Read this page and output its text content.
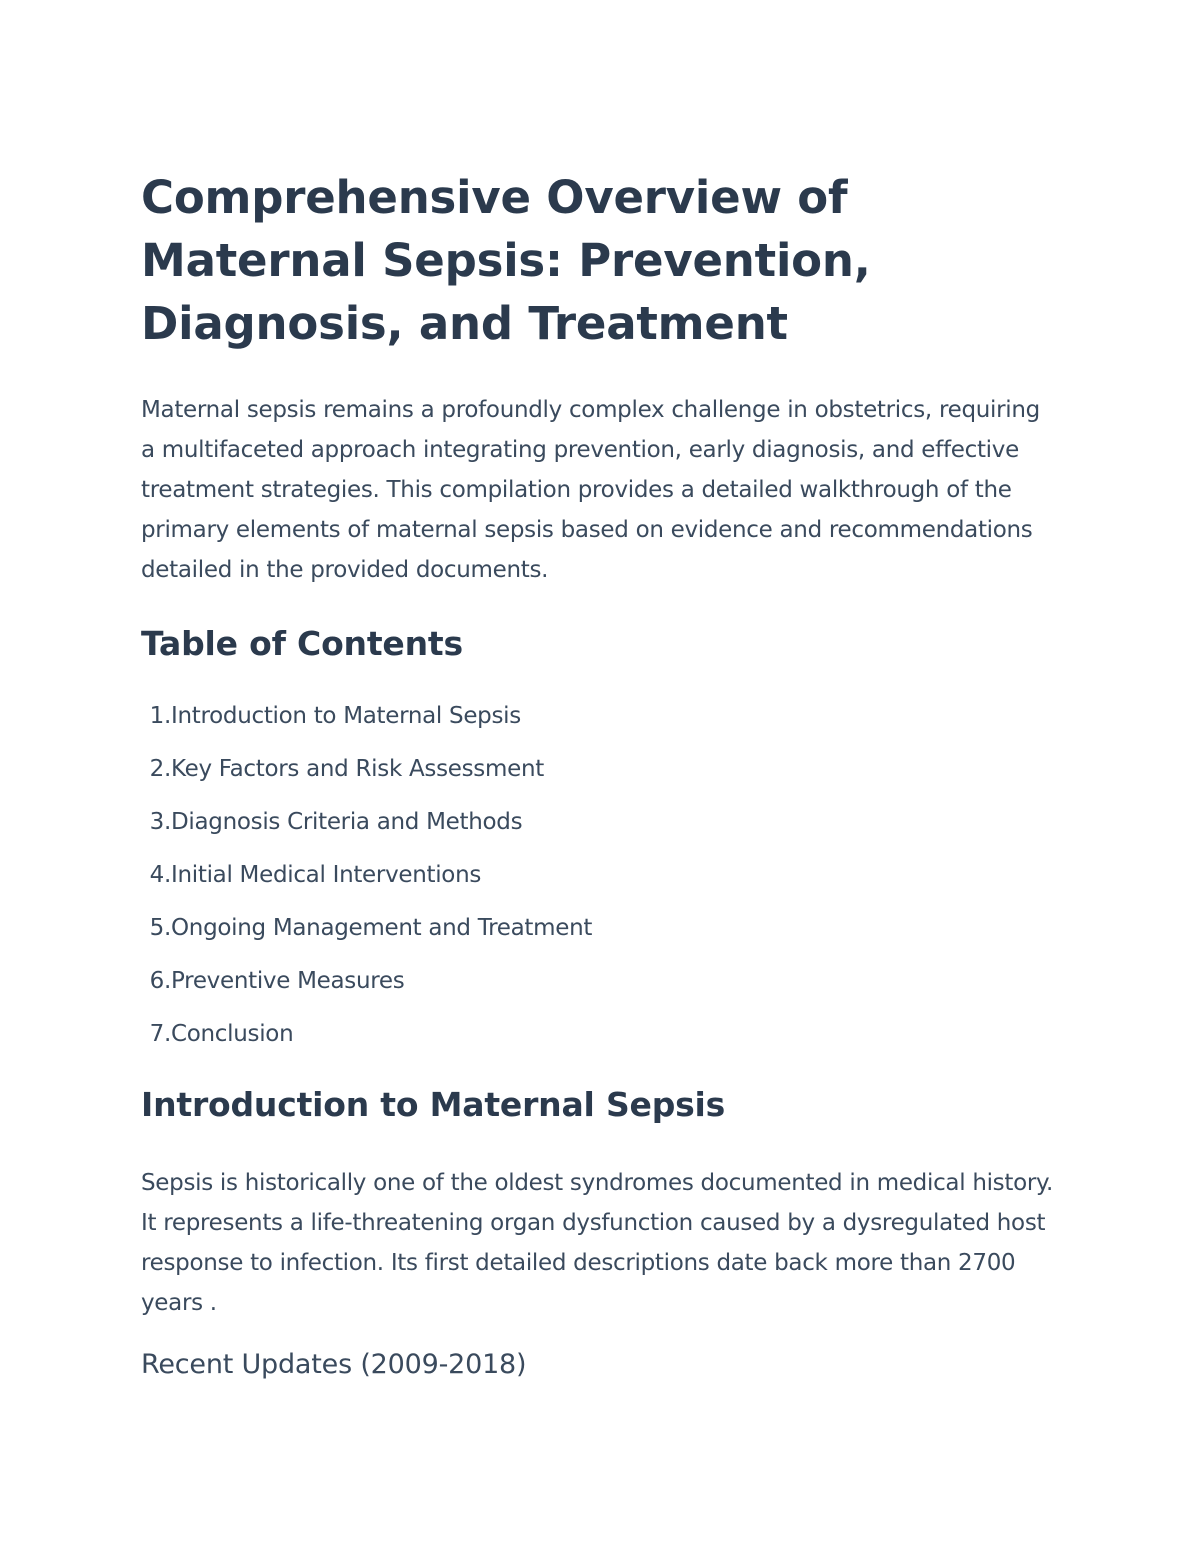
Comprehensive Overview of Maternal Sepsis: Prevention, Diagnosis, and Treatment

Maternal sepsis remains a profoundly complex challenge in obstetrics, requiring a multifaceted approach integrating prevention, early diagnosis, and effective treatment strategies. This compilation provides a detailed walkthrough of the primary elements of maternal sepsis based on evidence and recommendations detailed in the provided documents.

Table of Contents
1. Introduction to Maternal Sepsis
2. Key Factors and Risk Assessment
3. Diagnosis Criteria and Methods
4. Initial Medical Interventions
5. Ongoing Management and Treatment
6. Preventive Measures
7. Conclusion
Introduction to Maternal Sepsis

Sepsis is historically one of the oldest syndromes documented in medical history. It represents a life-threatening organ dysfunction caused by a dysregulated host response to infection. Its first detailed descriptions date back more than 2700 years .

Recent Updates (2009-2018)
